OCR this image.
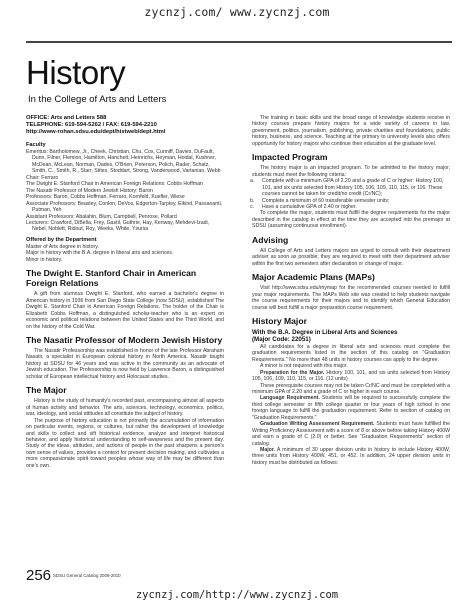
zycnzj.com/ www.zycnzj.com
History
In the College of Arts and Letters
OFFICE: Arts and Letters 588
TELEPHONE: 619-594-5262 / FAX: 619-594-2210
http://www-rohan.sdsu.edu/dept/histweb/dept.html
Faculty

Emeritus: Bartholomew, Jr., Cheek, Christian, Chu, Cox, Cunniff, Davies, DuFault, Dunn, Filner, Flemion, Hamilton, Hanchett, Heinrichs, Heyman, Hoidal, Kushner, McDean, McLean, Norman, Oades, O'Brien, Peterson, Polich, Rader, Schatz, Smith, C., Smith, R., Starr, Stites, Stoddart, Strong, Vanderwood, Vartanian, Webb

Chair: Ferraro

The Dwight E. Stanford Chair in American Foreign Relations: Cobbs Hoffman

The Nasatir Professor of Modern Jewish History: Baron

Professors: Baron, Cobbs Hoffman, Ferraro, Kornfeld, Kuefler, Wiese

Associate Professors: Beasley, Conlon, DeVos, Edgerton-Tarpley, Elkind, Passananti, Putman, Yeh

Assistant Professors: Abalahin, Blum, Campbell, Penrose, Pollard

Lecturers: Crawford, DiBella, Frey, Gastil, Guthrie, Hay, Kenway, Mehdevi-Izadi, Nebel, Noblett, Ridout, Roy, Weeks, White, Ysursa

Offered by the Department

Master of Arts degree in history.

Major in history with the B.A. degree in liberal arts and sciences.

Minor in history.

The Dwight E. Stanford Chair in American Foreign Relations

A gift from alumnus Dwight E. Stanford, who earned a bachelor's degree in American history in 1936 from San Diego State College (now SDSU), established The Dwight E. Stanford Chair in American Foreign Relations. The holder of the Chair is Elizabeth Cobbs Hoffman, a distinguished scholar-teacher who is an expert on economic and political relations between the United States and the Third World, and on the history of the Cold War.

The Nasatir Professor of Modern Jewish History

The Nasatir Professorship was established in honor of the late Professor Abraham Nasatir, a specialist in European colonial history in North America. Nasatir taught history at SDSU for 46 years and was active in the community as an advocate of Jewish education. The Professorship is now held by Lawrence Baron, a distinguished scholar of European intellectual history and Holocaust studies.

The Major

History is the study of humanity's recorded past, encompassing almost all aspects of human activity and behavior. The arts, sciences, technology, economics, politics, war, ideology, and social attitudes all constitute the subject of history.

The purpose of history education is not primarily the accumulation of information on particular events, regions, or cultures, but rather the development of knowledge and skills to collect and sift historical evidence, analyze and interpret historical behavior, and apply historical understanding to self-awareness and the present day. Study of the ideas, attitudes, and actions of people in the past sharpens a person's own sense of values, provides a context for present decision making, and cultivates a more compassionate spirit toward peoples whose way of life may be different than one's own.

The training in basic skills and the broad range of knowledge students receive in history courses prepare history majors for a wide variety of careers in law, government, politics, journalism, publishing, private charities and foundations, public history, business, and science. Teaching at the primary to university levels also offers opportunity for history majors who continue their education at the graduate level.

Impacted Program

The history major is an impacted program. To be admitted to the history major, students must meet the following criteria:

a. Complete with a minimum GPA of 2.20 and a grade of C or higher: History 100, 101, and six units selected from History 105, 106, 109, 110, 115, or 116. These courses cannot be taken for credit/no credit (Cr/NC);

b. Complete a minimum of 60 transferable semester units;

c. Have a cumulative GPA of 2.40 or higher.

To complete the major, students must fulfill the degree requirements for the major described in the catalog in effect at the time they are accepted into the premajor at SDSU (assuming continuous enrollment).

Advising

All College of Arts and Letters majors are urged to consult with their department adviser as soon as possible; they are required to meet with their department adviser within the first two semesters after declaration or change of major.

Major Academic Plans (MAPs)

Visit http://www.sdsu.edu/mymap for the recommended courses needed to fulfill your major requirements. The MAPs Web site was created to help students navigate the course requirements for their majors and to identify which General Education course will best fulfill a major preparation course requirement.

History Major
With the B.A. Degree in Liberal Arts and Sciences
(Major Code: 22051)

All candidates for a degree in liberal arts and sciences must complete the graduation requirements listed in the section of this catalog on "Graduation Requirements." No more than 48 units in history courses can apply to the degree.

A minor is not required with this major.

Preparation for the Major. History 100, 101, and six units selected from History 105, 106, 109, 110, 115, or 116. (12 units)

These prerequisite courses may not be taken Cr/NC and must be completed with a minimum GPA of 2.20 and a grade of C or higher in each course.

Language Requirement. Students will be required to successfully complete the third college semester or fifth college quarter or four years of high school in one foreign language to fulfill the graduation requirement. Refer to section of catalog on "Graduation Requirements."

Graduation Writing Assessment Requirement. Students must have fulfilled the Writing Proficiency Assessment with a score of 8 or above before taking History 400W and earn a grade of C (2.0) or better. See "Graduation Requirements" section of catalog.

Major. A minimum of 30 upper division units in history to include History 400W, three units from History 400W, 451, or 452. In addition, 24 upper division units in history must be distributed as follows:

256 SDSU General Catalog 2009-2010
zycnzj.com/http://www.zycnzj.com
